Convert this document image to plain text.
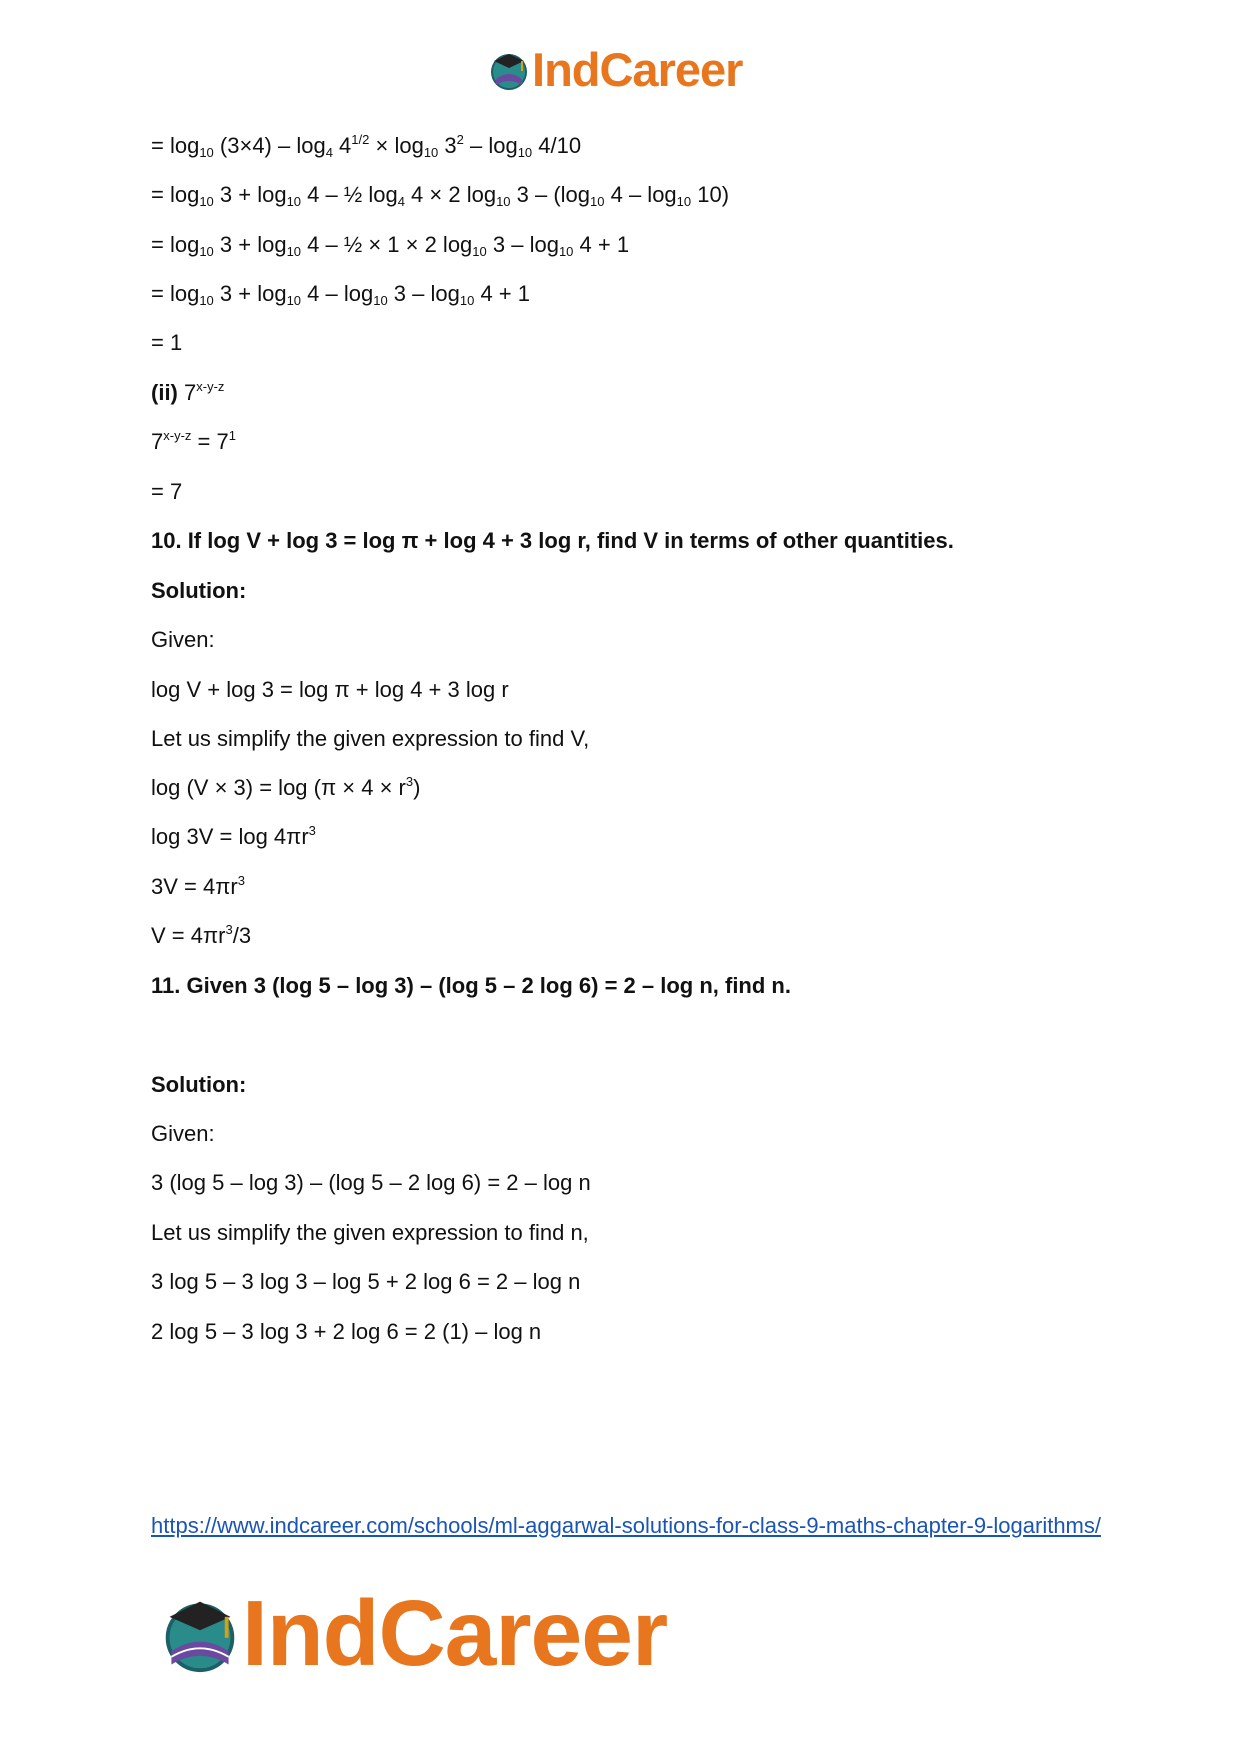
IndCareer
= $\log_{10} (3\times 4) - \log_4 4^{1/2} \times \log_{10} 3^2 - \log_{10} 4/10$
= $\log_{10} 3 + \log_{10} 4$ – ½ $\log_4 4 \times 2$ $\log_{10} 3 - (\log_{10}$ $4 - \log_{10} 10$)
= $\log_{10} 3 + \log_{10} 4$ – ½ × 1 × 2 $\log_{10} 3 - \log_{10} 4 + 1$
= $\log_{10} 3 + \log_{10} 4 - \log_{10} 3 - \log_{10} 4 + 1$
= 1
(ii) 7$^{x-y-z}$
$7^{x-y-z} = 7^1$
= 7
10. If log V + log 3 = log π + log 4 + 3 log r, find V in terms of other quantities.
Solution:
Given:
log V + log 3 = log π + log 4 + 3 log r
Let us simplify the given expression to find V,
$\log (V \times 3) = \log (\pi \times 4 \times r^3)$
$\log 3V = \log 4\pi r^3$
$3V = 4\pi r^3$
$V = 4\pi r^3/3$
11. Given 3 (log 5 – log 3) – (log 5 – 2 log 6) = 2 – log n, find n.
Solution:
Given:
3 (log 5 – log 3) – (log 5 – 2 log 6) = 2 – log n
Let us simplify the given expression to find n,
3 log 5 – 3 log 3 – log 5 + 2 log 6 = 2 – log n
2 log 5 – 3 log 3 + 2 log 6 = 2 (1) – log n
https://www.indcareer.com/schools/ml-aggarwal-solutions-for-class-9-maths-chapter-9-logarithms/
IndCareer
